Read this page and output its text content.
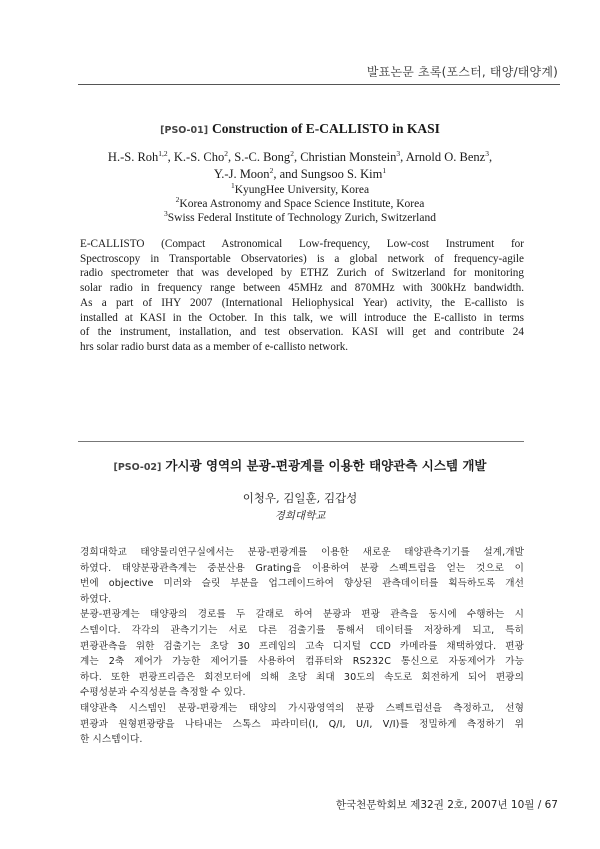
발표논문 초록(포스터, 태양/태양계)
[PSO-01] Construction of E-CALLISTO in KASI
H.-S. Roh$^{1,2}$, K.-S. Cho$^2$, S.-C. Bong$^2$, Christian Monstein$^3$, Arnold O. Benz$^3$,
Y.-J. Moon$^2$, and Sungsoo S. Kim$^1$
$^1$KyungHee University, Korea
$^2$Korea Astronomy and Space Science Institute, Korea
$^3$Swiss Federal Institute of Technology Zurich, Switzerland

E-CALLISTO (Compact Astronomical Low-frequency, Low-cost Instrument for

Spectroscopy in Transportable Observatories) is a global network of frequency-agile

radio spectrometer that was developed by ETHZ Zurich of Switzerland for monitoring

solar radio in frequency range between 45MHz and 870MHz with 300kHz bandwidth.

As a part of IHY 2007 (International Heliophysical Year) activity, the E-callisto is

installed at KASI in the October. In this talk, we will introduce the E-callisto in terms

of the instrument, installation, and test observation. KASI will get and contribute 24

hrs solar radio burst data as a member of e-callisto network.

[PSO-02] 가시광 영역의 분광-편광계를 이용한 태양관측 시스템 개발
이청우, 김일훈, 김갑성
경희대학교

경희대학교 태양물리연구실에서는 분광-편광계를 이용한 새로운 태양관측기기를 설계,개발

하였다. 태양분광관측계는 중분산용 Grating을 이용하여 분광 스펙트럼을 얻는 것으로 이

번에 objective 미러와 슬릿 부분을 업그레이드하여 향상된 관측데이터를 획득하도록 개선

하였다.

분광-편광계는 태양광의 경로를 두 갈래로 하여 분광과 편광 관측을 동시에 수행하는 시

스템이다. 각각의 관측기기는 서로 다른 검출기를 통해서 데이터를 저장하게 되고, 특히

편광관측을 위한 검출기는 초당 30 프레임의 고속 디지털 CCD 카메라를 채택하였다. 편광

계는 2축 제어가 가능한 제어기를 사용하여 컴퓨터와 RS232C 통신으로 자동제어가 가능

하다. 또한 편광프리즘은 회전모터에 의해 초당 최대 30도의 속도로 회전하게 되어 편광의

수평성분과 수직성분을 측정할 수 있다.

태양관측 시스템인 분광-편광계는 태양의 가시광영역의 분광 스펙트럼선을 측정하고, 선형

편광과 원형편광량을 나타내는 스톡스 파라미터(I, Q/I, U/I, V/I)를 정밀하게 측정하기 위

한 시스템이다.

한국천문학회보 제32권 2호, 2007년 10월 / 67
